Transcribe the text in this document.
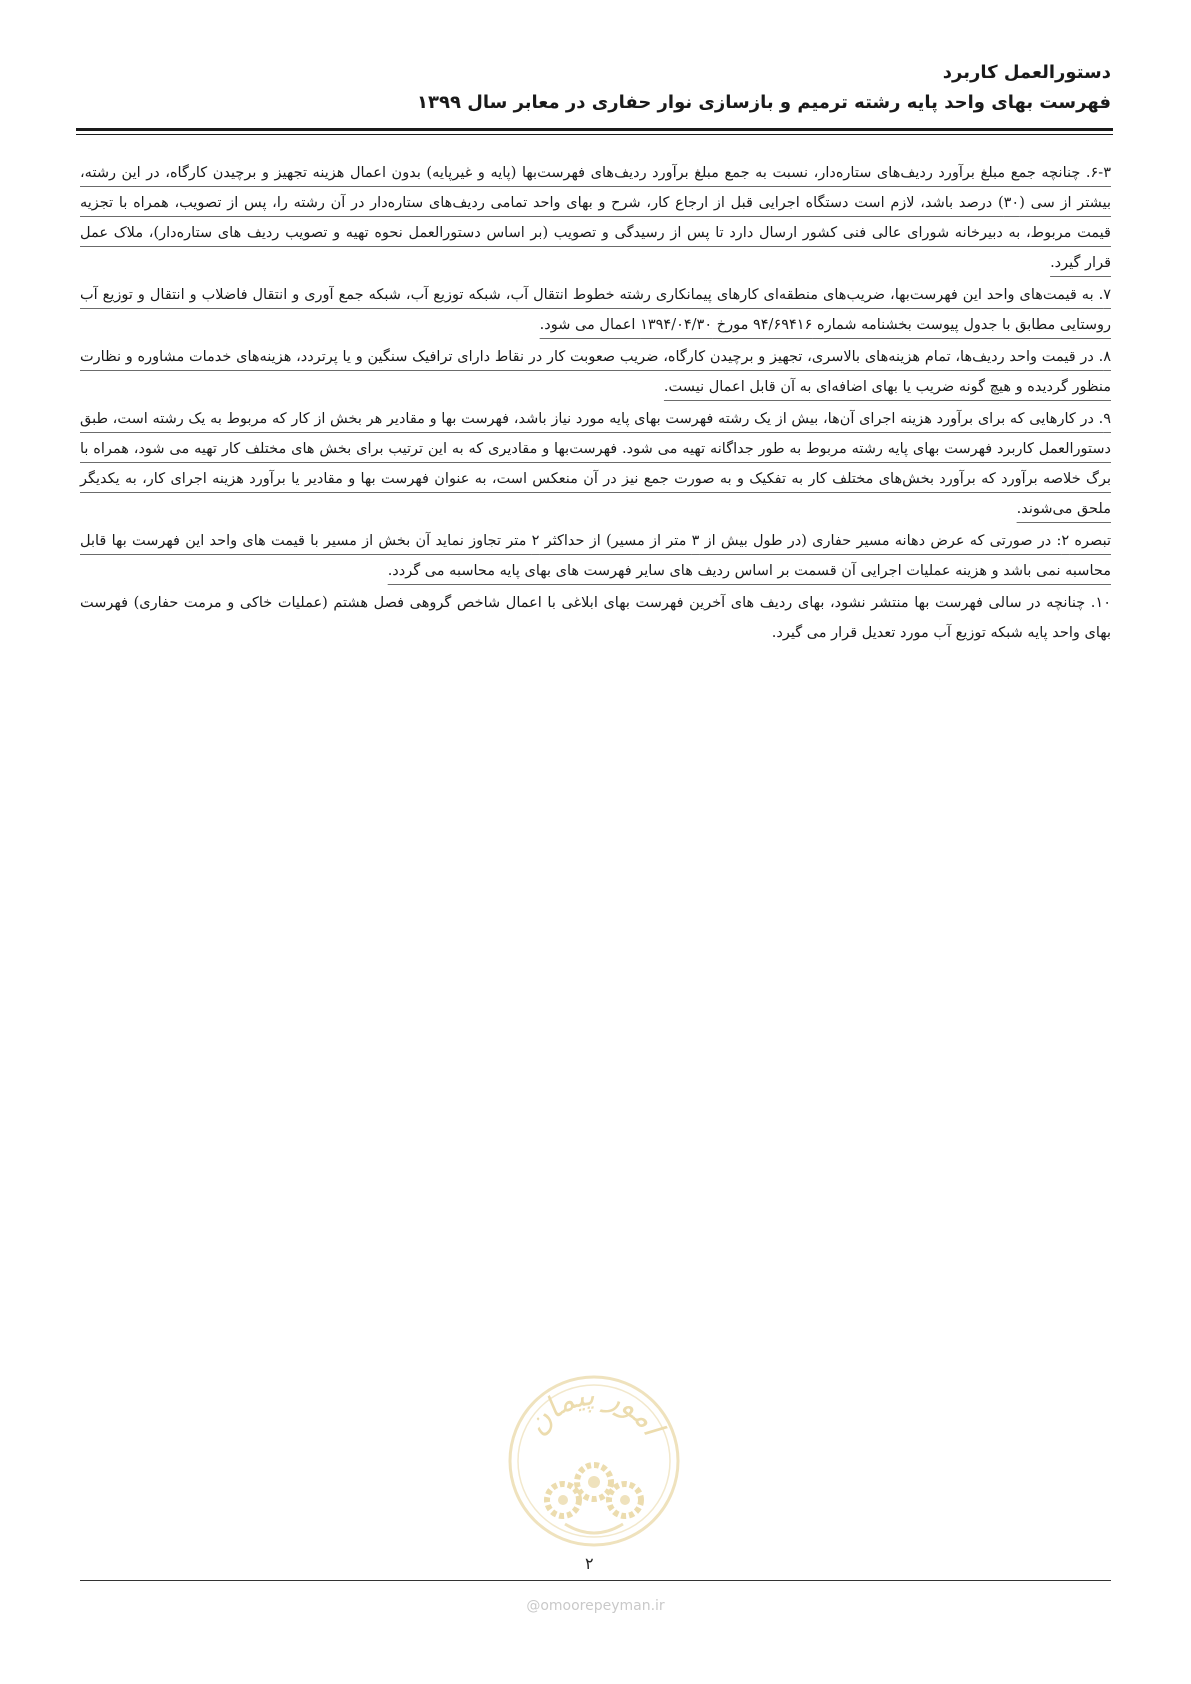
دستورالعمل کاربرد
فهرست بهای واحد پایه رشته ترمیم و بازسازی نوار حفاری در معابر سال ۱۳۹۹

۶-۳. چنانچه جمع مبلغ برآورد ردیف‌های ستاره‌دار، نسبت به جمع مبلغ برآورد ردیف‌های فهرست‌بها (پایه و غیرپایه) بدون اعمال هزینه تجهیز و برچیدن کارگاه، در این رشته، بیشتر از سی (۳۰) درصد باشد، لازم است دستگاه اجرایی قبل از ارجاع کار، شرح و بهای واحد تمامی ردیف‌های ستاره‌دار در آن رشته را، پس از تصویب، همراه با تجزیه قیمت مربوط، به دبیرخانه شورای عالی فنی کشور ارسال دارد تا پس از رسیدگی و تصویب (بر اساس دستورالعمل نحوه تهیه و تصویب ردیف های ستاره‌دار)، ملاک عمل قرار گیرد.

۷. به قیمت‌های واحد این فهرست‌بها، ضریب‌های منطقه‌ای کارهای پیمانکاری رشته خطوط انتقال آب، شبکه توزیع آب، شبکه جمع آوری و انتقال فاضلاب و انتقال و توزیع آب روستایی مطابق با جدول پیوست بخشنامه شماره ۹۴/۶۹۴۱۶ مورخ ۱۳۹۴/۰۴/۳۰ اعمال می شود.

۸. در قیمت واحد ردیف‌ها، تمام هزینه‌های بالاسری، تجهیز و برچیدن کارگاه، ضریب صعوبت کار در نقاط دارای ترافیک سنگین و یا پرتردد، هزینه‌های خدمات مشاوره و نظارت منظور گردیده و هیچ گونه ضریب یا بهای اضافه‌ای به آن قابل اعمال نیست.

۹. در کارهایی که برای برآورد هزینه اجرای آن‌ها، بیش از یک رشته فهرست بهای پایه مورد نیاز باشد، فهرست بها و مقادیر هر بخش از کار که مربوط به یک رشته است، طبق دستورالعمل کاربرد فهرست بهای پایه رشته مربوط به طور جداگانه تهیه می شود. فهرست‌بها و مقادیری که به این ترتیب برای بخش های مختلف کار تهیه می شود، همراه با برگ خلاصه برآورد که برآورد بخش‌های مختلف کار به تفکیک و به صورت جمع نیز در آن منعکس است، به عنوان فهرست بها و مقادیر یا برآورد هزینه اجرای کار، به یکدیگر ملحق می‌شوند.

تبصره ۲: در صورتی که عرض دهانه مسیر حفاری (در طول بیش از ۳ متر از مسیر) از حداکثر ۲ متر تجاوز نماید آن بخش از مسیر با قیمت های واحد این فهرست بها قابل محاسبه نمی باشد و هزینه عملیات اجرایی آن قسمت بر اساس ردیف های سایر فهرست های بهای پایه محاسبه می گردد.

۱۰. چنانچه در سالی فهرست بها منتشر نشود، بهای ردیف های آخرین فهرست بهای ابلاغی با اعمال شاخص گروهی فصل هشتم (عملیات خاکی و مرمت حفاری) فهرست بهای واحد پایه شبکه توزیع آب مورد تعدیل قرار می گیرد.

امور پیمان
۲
@omoorepeyman.ir
